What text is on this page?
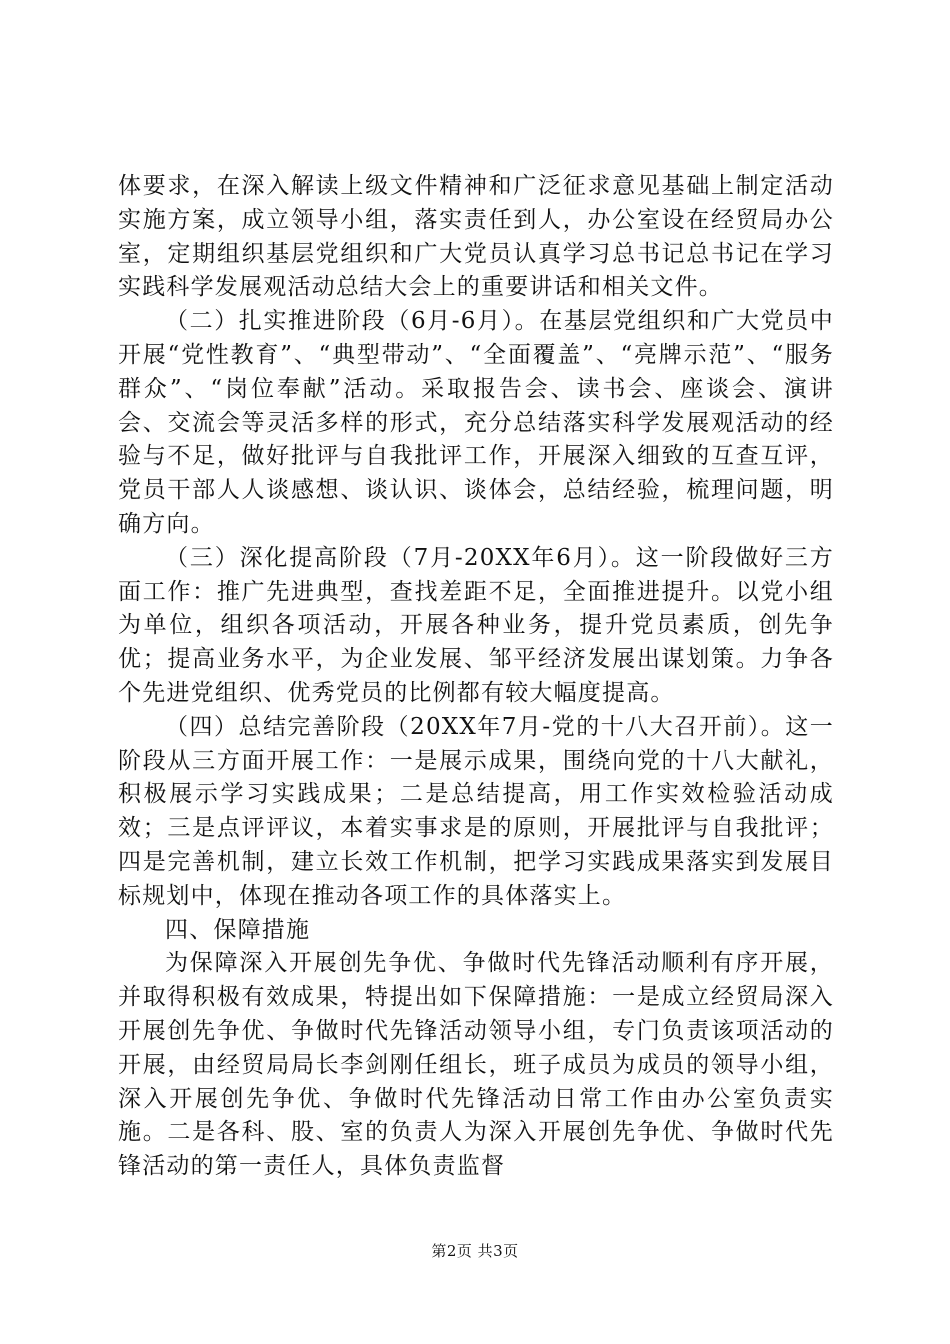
体要求，在深入解读上级文件精神和广泛征求意见基础上制定活动实施方案，成立领导小组，落实责任到人，办公室设在经贸局办公室，定期组织基层党组织和广大党员认真学习总书记总书记在学习实践科学发展观活动总结大会上的重要讲话和相关文件。

（二）扎实推进阶段（6月-6月）。在基层党组织和广大党员中开展“党性教育”、“典型带动”、“全面覆盖”、“亮牌示范”、“服务群众”、“岗位奉献”活动。采取报告会、读书会、座谈会、演讲会、交流会等灵活多样的形式，充分总结落实科学发展观活动的经验与不足，做好批评与自我批评工作，开展深入细致的互查互评，党员干部人人谈感想、谈认识、谈体会，总结经验，梳理问题，明确方向。

（三）深化提高阶段（7月-20XX年6月）。这一阶段做好三方面工作：推广先进典型，查找差距不足，全面推进提升。以党小组为单位，组织各项活动，开展各种业务，提升党员素质，创先争优；提高业务水平，为企业发展、邹平经济发展出谋划策。力争各个先进党组织、优秀党员的比例都有较大幅度提高。

（四）总结完善阶段（20XX年7月-党的十八大召开前）。这一阶段从三方面开展工作：一是展示成果，围绕向党的十八大献礼，积极展示学习实践成果；二是总结提高，用工作实效检验活动成效；三是点评评议，本着实事求是的原则，开展批评与自我批评；四是完善机制，建立长效工作机制，把学习实践成果落实到发展目标规划中，体现在推动各项工作的具体落实上。

四、保障措施

为保障深入开展创先争优、争做时代先锋活动顺利有序开展，并取得积极有效成果，特提出如下保障措施：一是成立经贸局深入开展创先争优、争做时代先锋活动领导小组，专门负责该项活动的开展，由经贸局局长李剑刚任组长，班子成员为成员的领导小组，深入开展创先争优、争做时代先锋活动日常工作由办公室负责实施。二是各科、股、室的负责人为深入开展创先争优、争做时代先锋活动的第一责任人，具体负责监督

第2页 共3页
